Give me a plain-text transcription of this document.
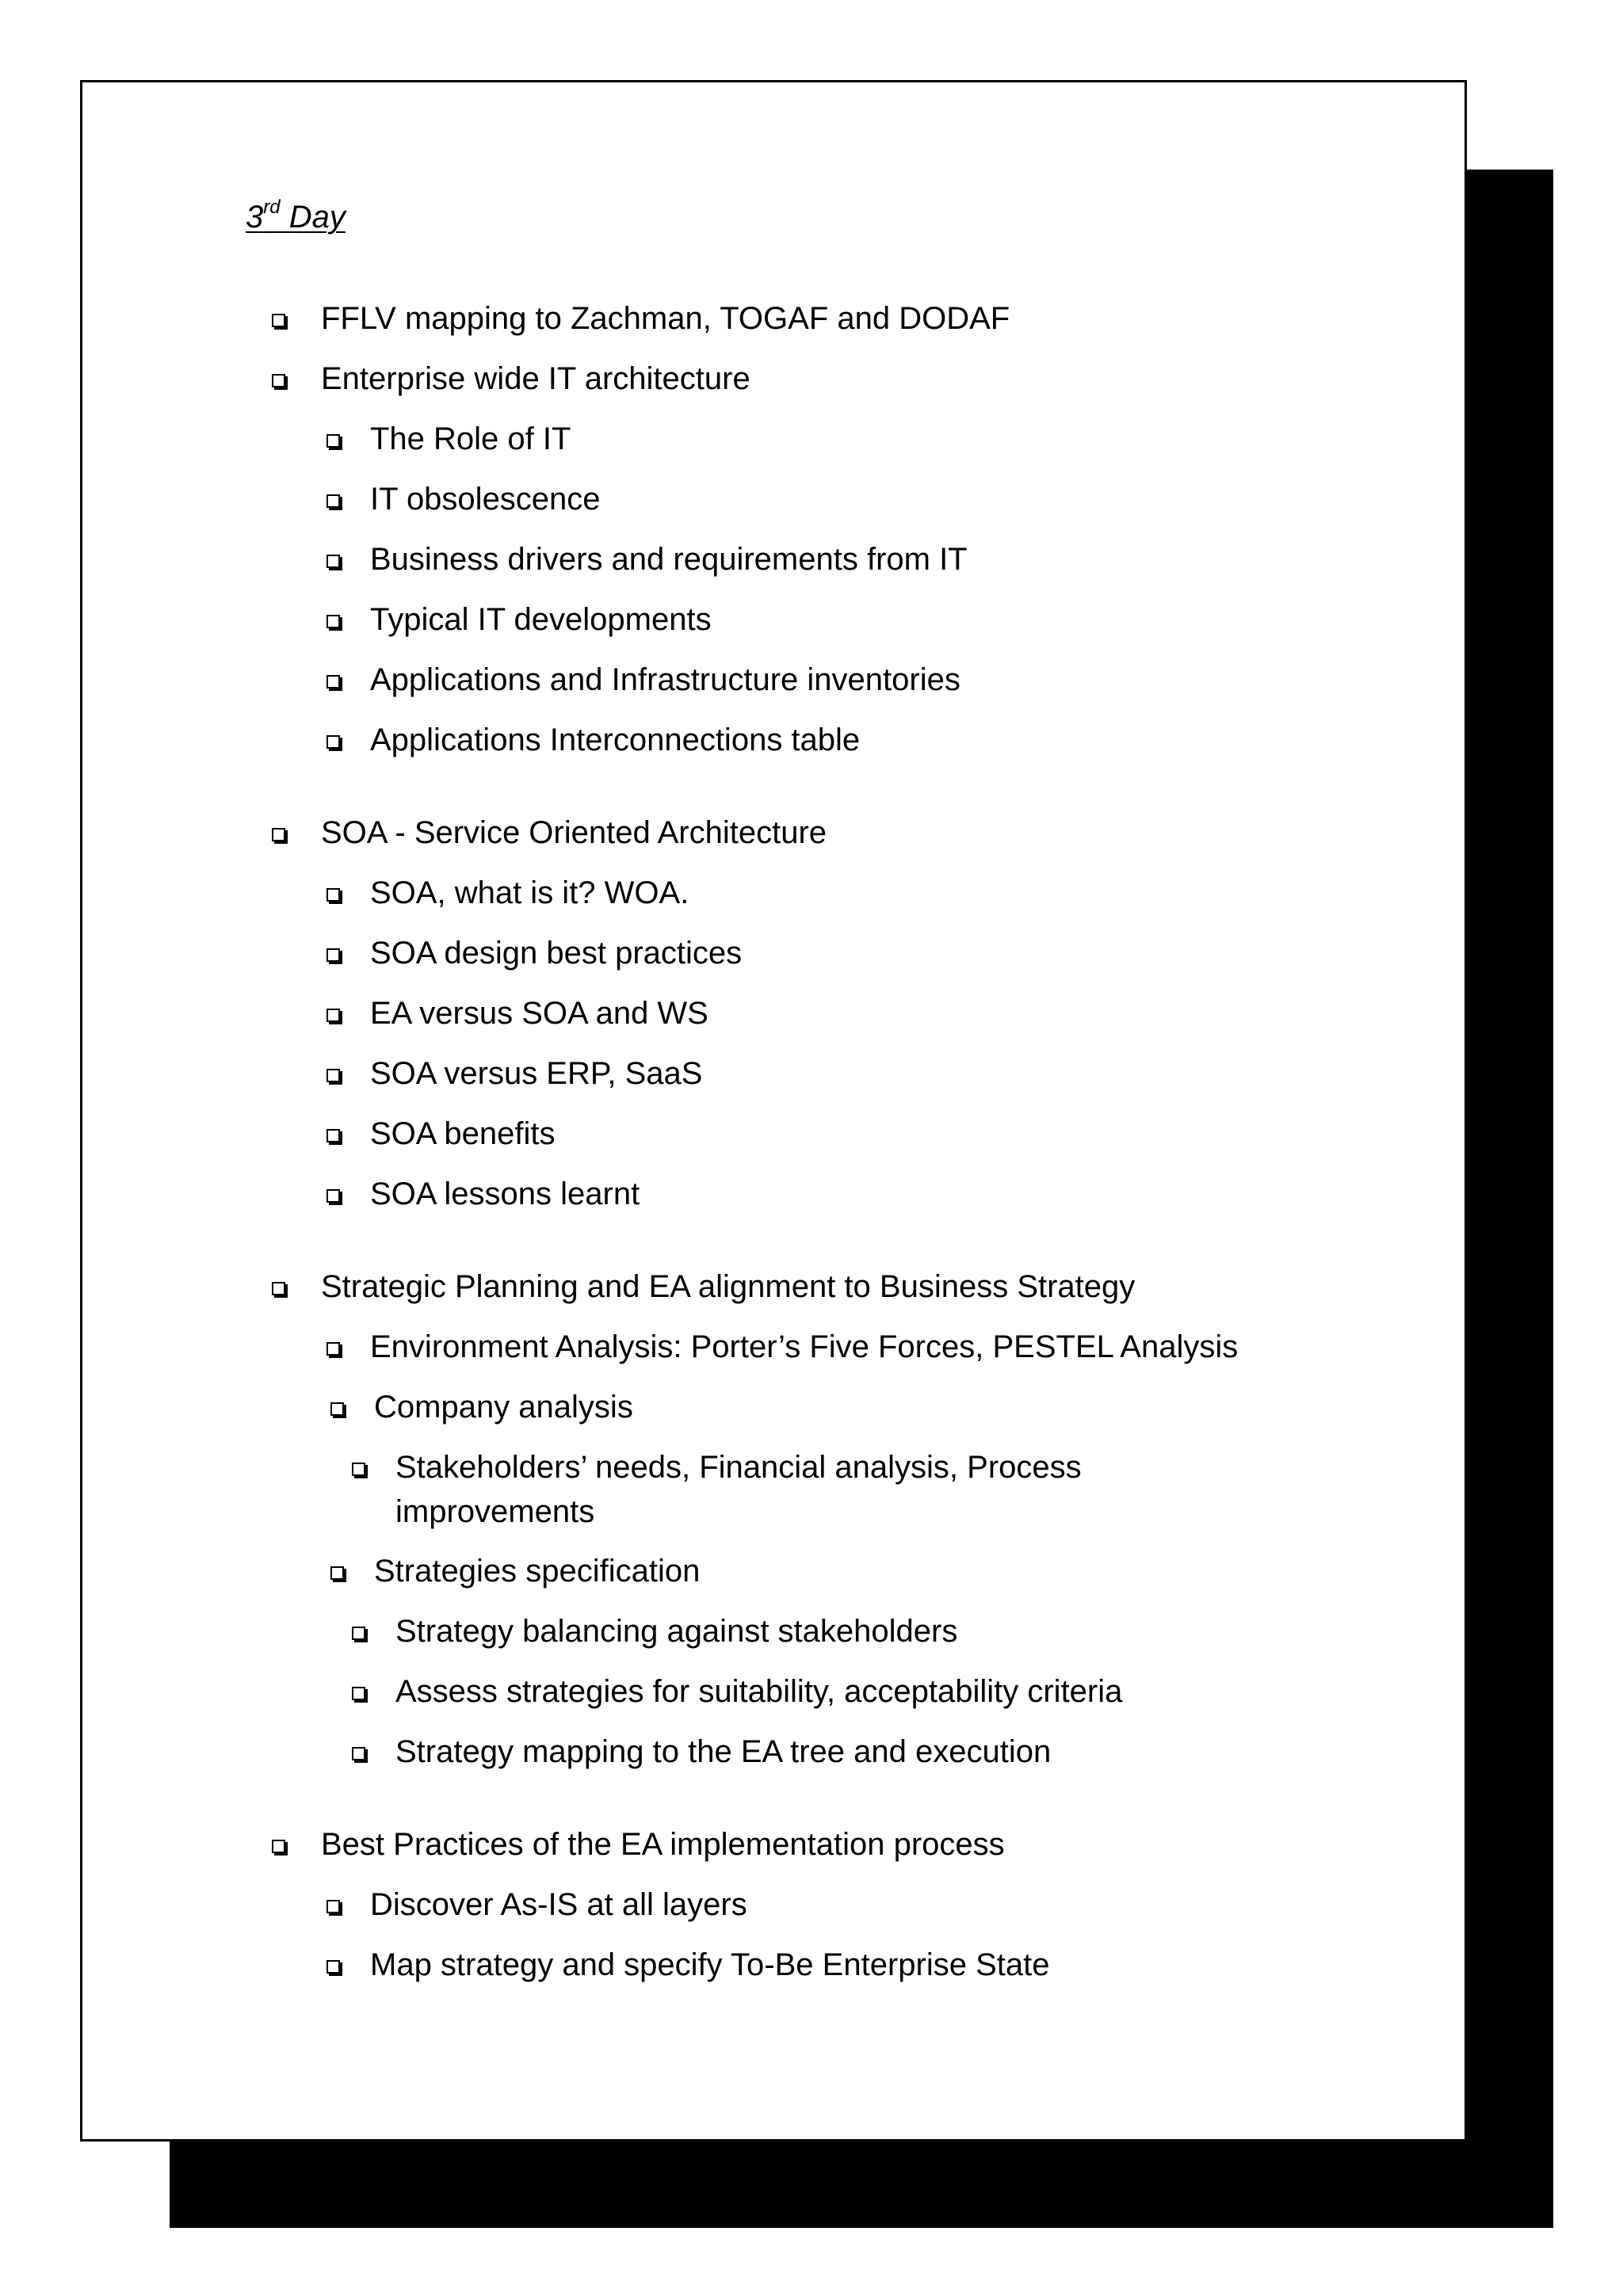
3rd Day
FFLV mapping to Zachman, TOGAF and DODAF
Enterprise wide IT architecture
The Role of IT
IT obsolescence
Business drivers and requirements from IT
Typical IT developments
Applications and Infrastructure inventories
Applications Interconnections table
SOA - Service Oriented Architecture
SOA, what is it? WOA.
SOA design best practices
EA versus SOA and WS
SOA versus ERP, SaaS
SOA benefits
SOA lessons learnt
Strategic Planning and EA alignment to Business Strategy
Environment Analysis: Porter’s Five Forces, PESTEL Analysis
Company analysis
Stakeholders’ needs, Financial analysis, Process improvements
Strategies specification
Strategy balancing against stakeholders
Assess strategies for suitability, acceptability criteria
Strategy mapping to the EA tree and execution
Best Practices of the EA implementation process
Discover As-IS at all layers
Map strategy and specify To-Be Enterprise State
